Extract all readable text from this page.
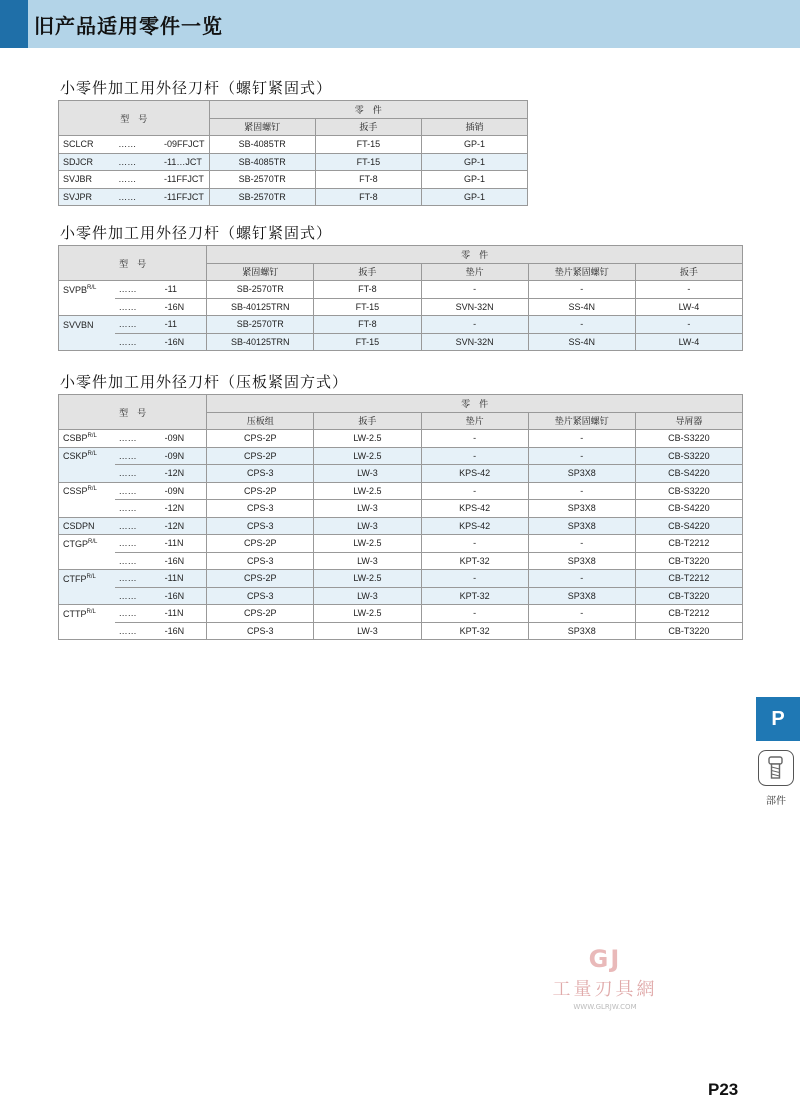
旧产品适用零件一览
小零件加工用外径刀杆（螺钉紧固式）
型　号			零　件		
			紧固螺钉	扳手	插销
SCLCR	……	-09FFJCT	SB-4085TR	FT-15	GP-1
SDJCR	……	-11…JCT	SB-4085TR	FT-15	GP-1
SVJBR	……	-11FFJCT	SB-2570TR	FT-8	GP-1
SVJPR	……	-11FFJCT	SB-2570TR	FT-8	GP-1
小零件加工用外径刀杆（螺钉紧固式）
型　号			零　件				
			紧固螺钉	扳手	垫片	垫片紧固螺钉	扳手
$SVPB^{R/L}$	……	-11	SB-2570TR	FT-8	-	-	-
	……	-16N	SB-40125TRN	FT-15	SVN-32N	SS-4N	LW-4
SVVBN	……	-11	SB-2570TR	FT-8	-	-	-
	……	-16N	SB-40125TRN	FT-15	SVN-32N	SS-4N	LW-4
小零件加工用外径刀杆（压板紧固方式）
型　号			零　件				
			压板组	扳手	垫片	垫片紧固螺钉	导屑器
$CSBP^{R/L}$	……	-09N	CPS-2P	LW-2.5	-	-	CB-S3220
$CSKP^{R/L}$	……	-09N	CPS-2P	LW-2.5	-	-	CB-S3220
	……	-12N	CPS-3	LW-3	KPS-42	SP3X8	CB-S4220
$CSSP^{R/L}$	……	-09N	CPS-2P	LW-2.5	-	-	CB-S3220
	……	-12N	CPS-3	LW-3	KPS-42	SP3X8	CB-S4220
CSDPN	……	-12N	CPS-3	LW-3	KPS-42	SP3X8	CB-S4220
$CTGP^{R/L}$	……	-11N	CPS-2P	LW-2.5	-	-	CB-T2212
	……	-16N	CPS-3	LW-3	KPT-32	SP3X8	CB-T3220
$CTFP^{R/L}$	……	-11N	CPS-2P	LW-2.5	-	-	CB-T2212
	……	-16N	CPS-3	LW-3	KPT-32	SP3X8	CB-T3220
$CTTP^{R/L}$	……	-11N	CPS-2P	LW-2.5	-	-	CB-T2212
	……	-16N	CPS-3	LW-3	KPT-32	SP3X8	CB-T3220
P
部件
GJ
工量刃具網
WWW.GLRJW.COM
P23
